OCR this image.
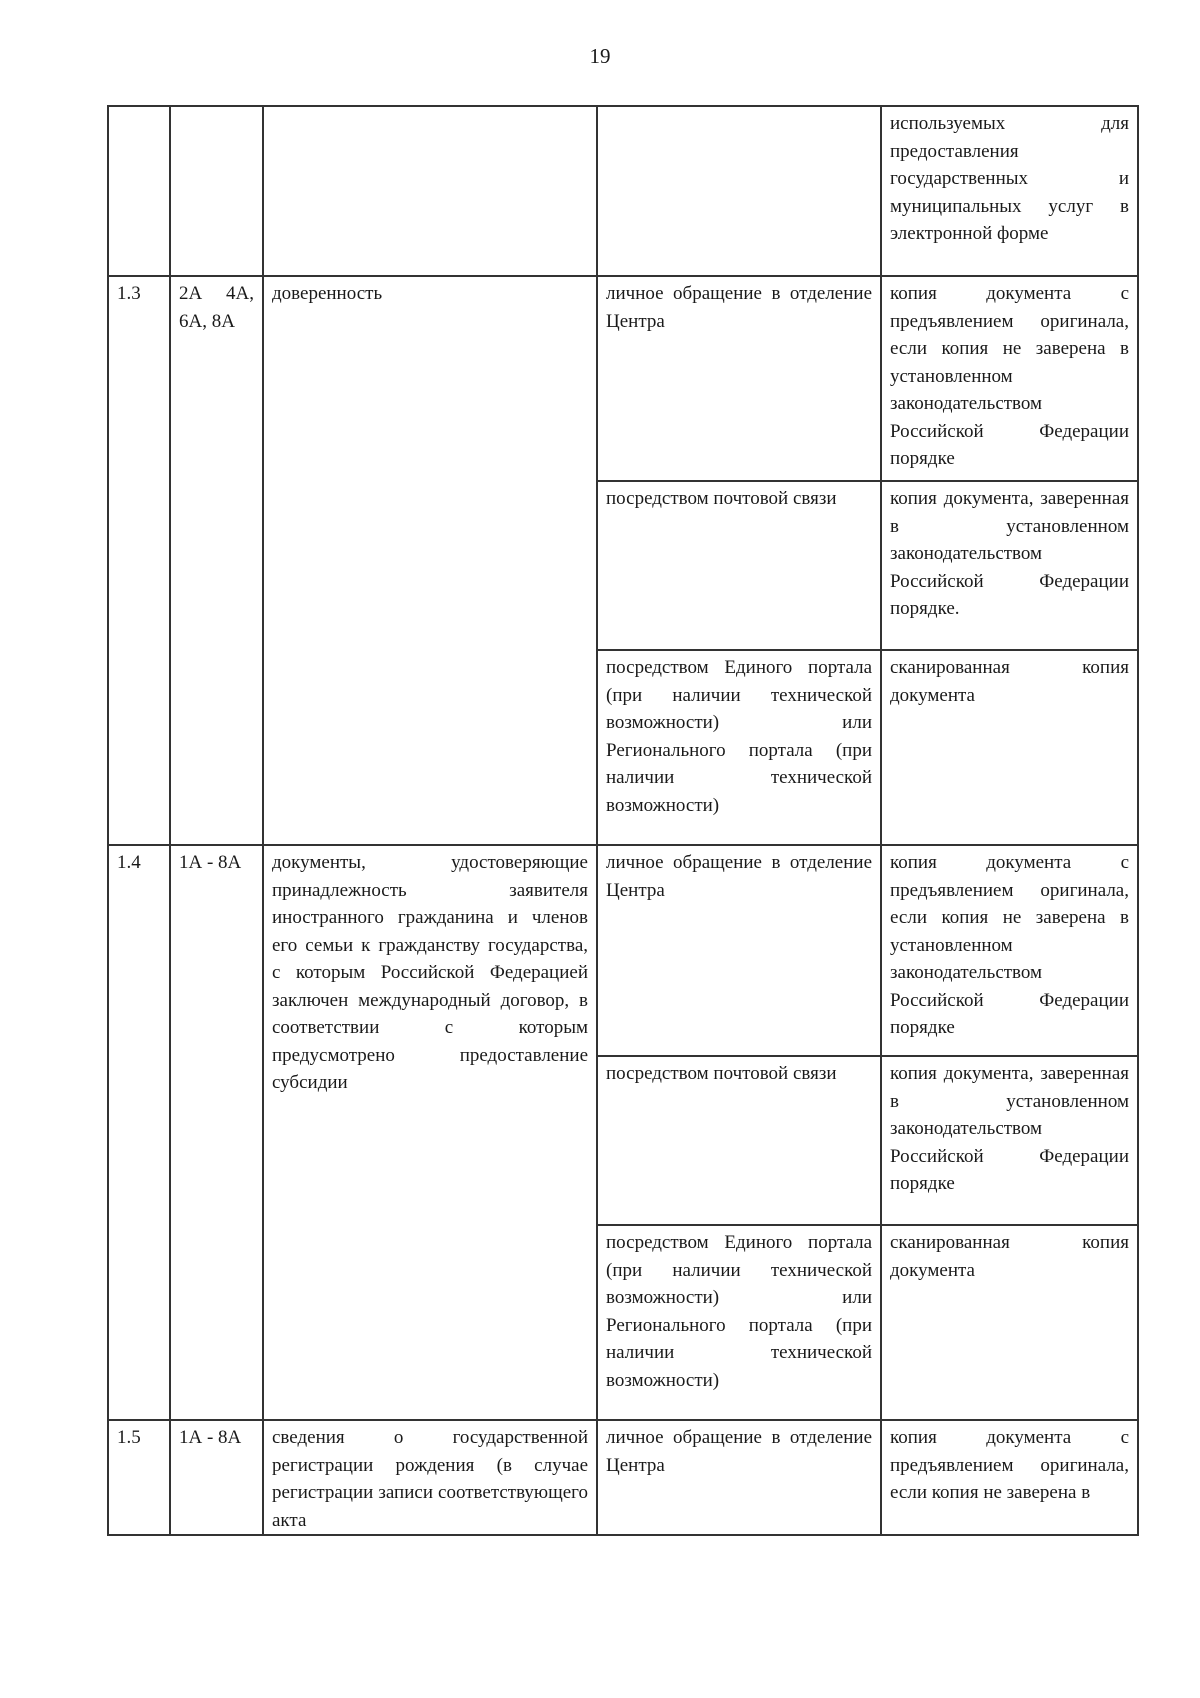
19
				используемых для предоставления государственных и муниципальных услуг в электронной форме
1.3	2А 4А, 6А, 8А	доверенность	личное обращение в отделение Центра	копия документа с предъявлением оригинала, если копия не заверена в установленном законодательством Российской Федерации порядке
			посредством почтовой связи	копия документа, заверенная в установленном законодательством Российской Федерации порядке.
			посредством Единого портала (при наличии технической возможности) или Регионального портала (при наличии технической возможности)	сканированная копия документа
1.4	1А - 8А	документы, удостоверяющие принадлежность заявителя иностранного гражданина и членов его семьи к гражданству государства, с которым Российской Федерацией заключен международный договор, в соответствии с которым предусмотрено предоставление субсидии	личное обращение в отделение Центра	копия документа с предъявлением оригинала, если копия не заверена в установленном законодательством Российской Федерации порядке
			посредством почтовой связи	копия документа, заверенная в установленном законодательством Российской Федерации порядке
			посредством Единого портала (при наличии технической возможности) или Регионального портала (при наличии технической возможности)	сканированная копия документа
1.5	1А - 8А	сведения о государственной регистрации рождения (в случае регистрации записи соответствующего акта	личное обращение в отделение Центра	копия документа с предъявлением оригинала, если копия не заверена в
